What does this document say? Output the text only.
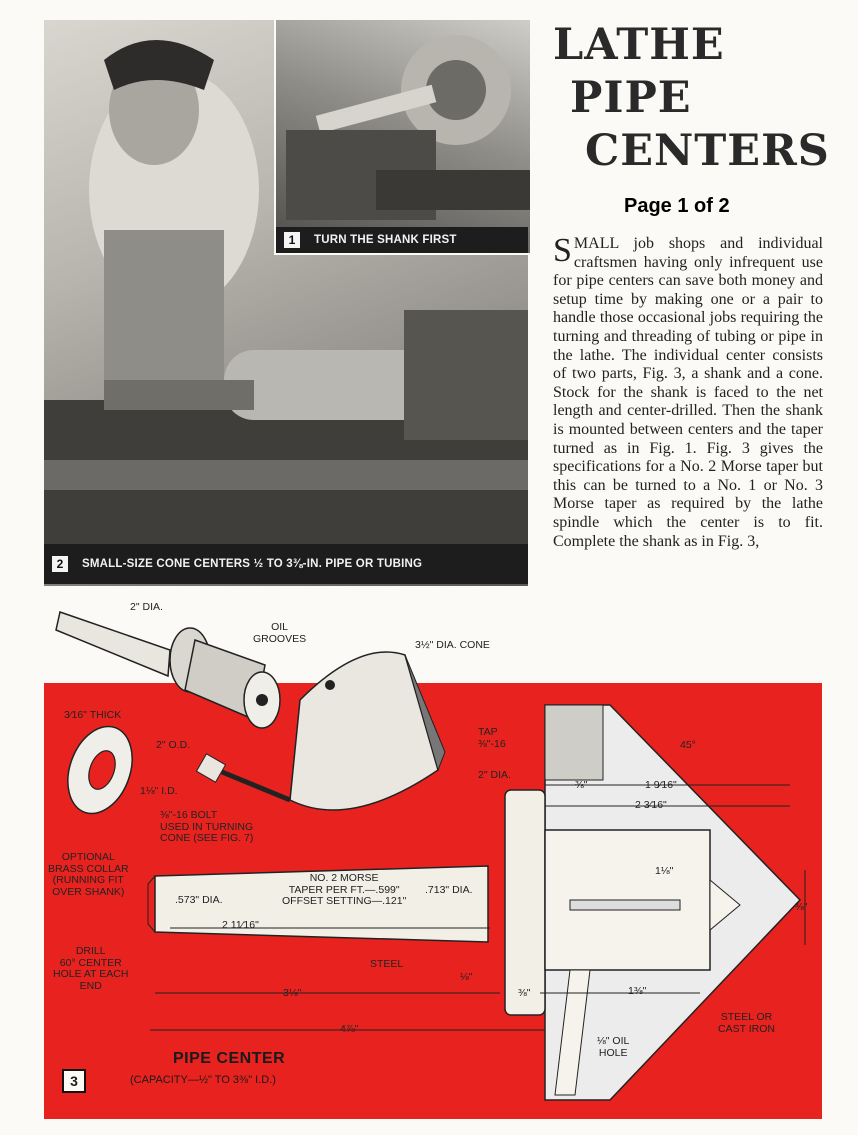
1	TURN THE SHANK FIRST
2	SMALL-SIZE CONE CENTERS ½ TO 3⅜-IN. PIPE OR TUBING
LATHE
PIPE
CENTERS
Page 1 of 2
SMALL job shops and individual craftsmen having only infrequent use for pipe centers can save both money and setup time by making one or a pair to handle those occasional jobs requiring the turning and threading of tubing or pipe in the lathe. The individual center consists of two parts, Fig. 3, a shank and a cone. Stock for the shank is faced to the net length and center-drilled. Then the shank is mounted between centers and the taper turned as in Fig. 1. Fig. 3 gives the specifications for a No. 2 Morse taper but this can be turned to a No. 1 or No. 3 Morse taper as required by the lathe spindle which the center is to fit. Complete the shank as in Fig. 3,
2" DIA.
OIL
GROOVES
3½" DIA. CONE
3⁄16" THICK
2" O.D.
1⅛" I.D.
⅜"-16 BOLT
USED IN TURNING
CONE (SEE FIG. 7)
OPTIONAL
BRASS COLLAR
(RUNNING FIT
OVER SHANK)
TAP
⅜"-16	45°
2" DIA.
⅜"	1 9⁄16"
2 3⁄16"
1⅛"
⅜"
NO. 2 MORSE
TAPER PER FT.—.599"
OFFSET SETTING—.121"
.573" DIA.
.713" DIA.
2 11⁄16"
DRILL
60° CENTER
HOLE AT EACH
END
STEEL
⅛"
3⅛"	⅜"	1⅜"
4⅞"
STEEL OR
CAST IRON
⅛" OIL
HOLE
3
PIPE CENTER
(CAPACITY—½" TO 3⅜" I.D.)
